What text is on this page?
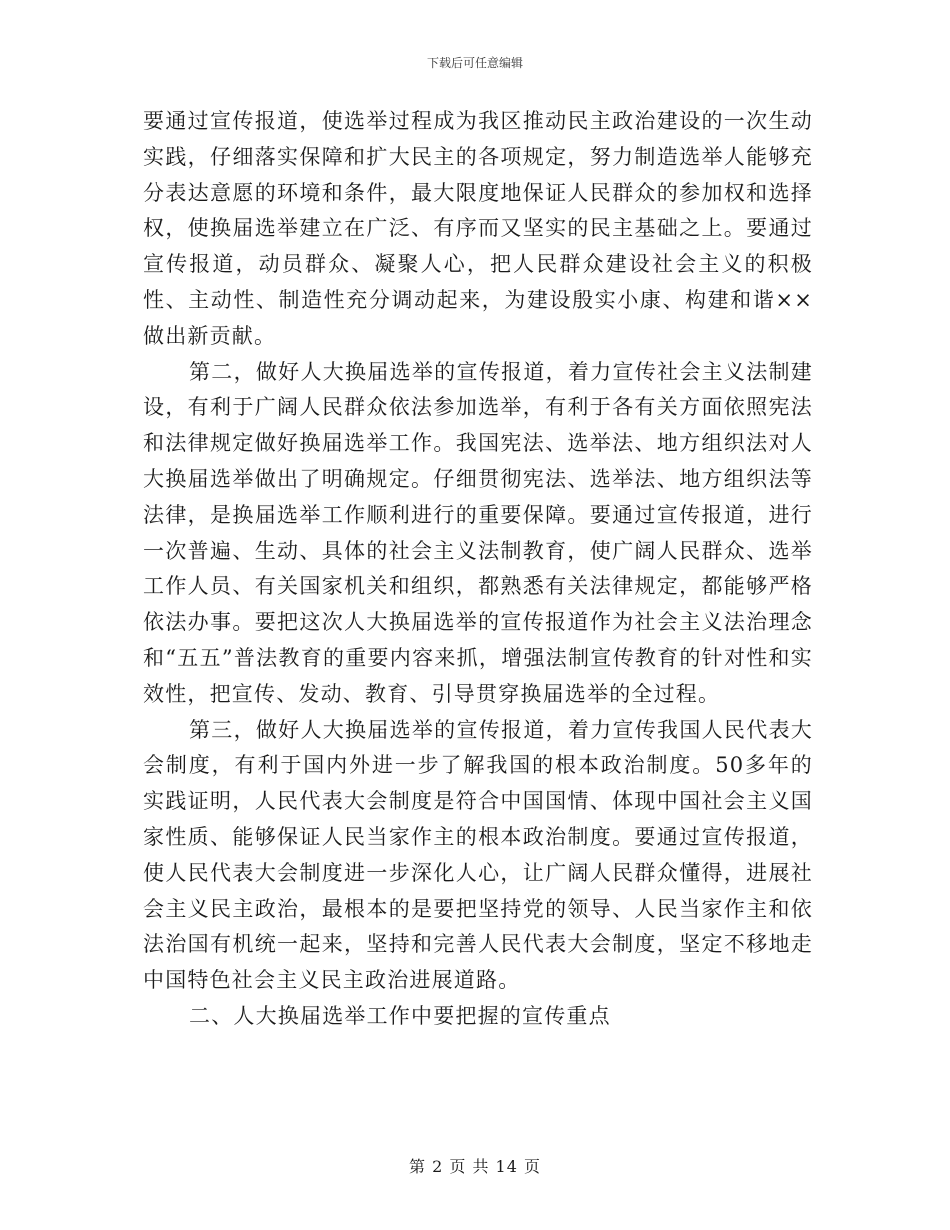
下载后可任意编辑

要通过宣传报道，使选举过程成为我区推动民主政治建设的一次生动实践，仔细落实保障和扩大民主的各项规定，努力制造选举人能够充分表达意愿的环境和条件，最大限度地保证人民群众的参加权和选择权，使换届选举建立在广泛、有序而又坚实的民主基础之上。要通过宣传报道，动员群众、凝聚人心，把人民群众建设社会主义的积极性、主动性、制造性充分调动起来，为建设殷实小康、构建和谐××做出新贡献。

第二，做好人大换届选举的宣传报道，着力宣传社会主义法制建设，有利于广阔人民群众依法参加选举，有利于各有关方面依照宪法和法律规定做好换届选举工作。我国宪法、选举法、地方组织法对人大换届选举做出了明确规定。仔细贯彻宪法、选举法、地方组织法等法律，是换届选举工作顺利进行的重要保障。要通过宣传报道，进行一次普遍、生动、具体的社会主义法制教育，使广阔人民群众、选举工作人员、有关国家机关和组织，都熟悉有关法律规定，都能够严格依法办事。要把这次人大换届选举的宣传报道作为社会主义法治理念和“五五”普法教育的重要内容来抓，增强法制宣传教育的针对性和实效性，把宣传、发动、教育、引导贯穿换届选举的全过程。

第三，做好人大换届选举的宣传报道，着力宣传我国人民代表大会制度，有利于国内外进一步了解我国的根本政治制度。50多年的实践证明，人民代表大会制度是符合中国国情、体现中国社会主义国家性质、能够保证人民当家作主的根本政治制度。要通过宣传报道，使人民代表大会制度进一步深化人心，让广阔人民群众懂得，进展社会主义民主政治，最根本的是要把坚持党的领导、人民当家作主和依法治国有机统一起来，坚持和完善人民代表大会制度，坚定不移地走中国特色社会主义民主政治进展道路。

二、人大换届选举工作中要把握的宣传重点

第 2 页 共 14 页
